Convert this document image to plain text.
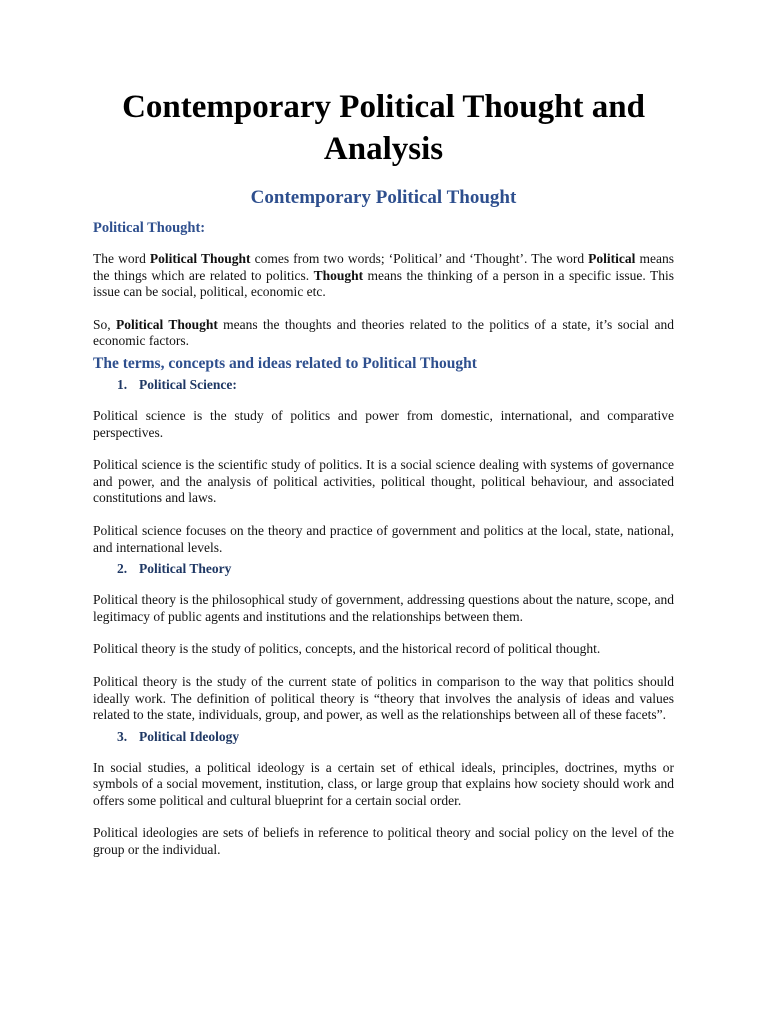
Contemporary Political Thought and Analysis
Contemporary Political Thought
Political Thought:

The word Political Thought comes from two words; ‘Political’ and ‘Thought’. The word Political means the things which are related to politics. Thought means the thinking of a person in a specific issue. This issue can be social, political, economic etc.

So, Political Thought means the thoughts and theories related to the politics of a state, it’s social and economic factors.

The terms, concepts and ideas related to Political Thought
1. Political Science:

Political science is the study of politics and power from domestic, international, and comparative perspectives.

Political science is the scientific study of politics. It is a social science dealing with systems of governance and power, and the analysis of political activities, political thought, political behaviour, and associated constitutions and laws.

Political science focuses on the theory and practice of government and politics at the local, state, national, and international levels.

2. Political Theory

Political theory is the philosophical study of government, addressing questions about the nature, scope, and legitimacy of public agents and institutions and the relationships between them.

Political theory is the study of politics, concepts, and the historical record of political thought.

Political theory is the study of the current state of politics in comparison to the way that politics should ideally work. The definition of political theory is “theory that involves the analysis of ideas and values related to the state, individuals, group, and power, as well as the relationships between all of these facets”.

3. Political Ideology

In social studies, a political ideology is a certain set of ethical ideals, principles, doctrines, myths or symbols of a social movement, institution, class, or large group that explains how society should work and offers some political and cultural blueprint for a certain social order.

Political ideologies are sets of beliefs in reference to political theory and social policy on the level of the group or the individual.
